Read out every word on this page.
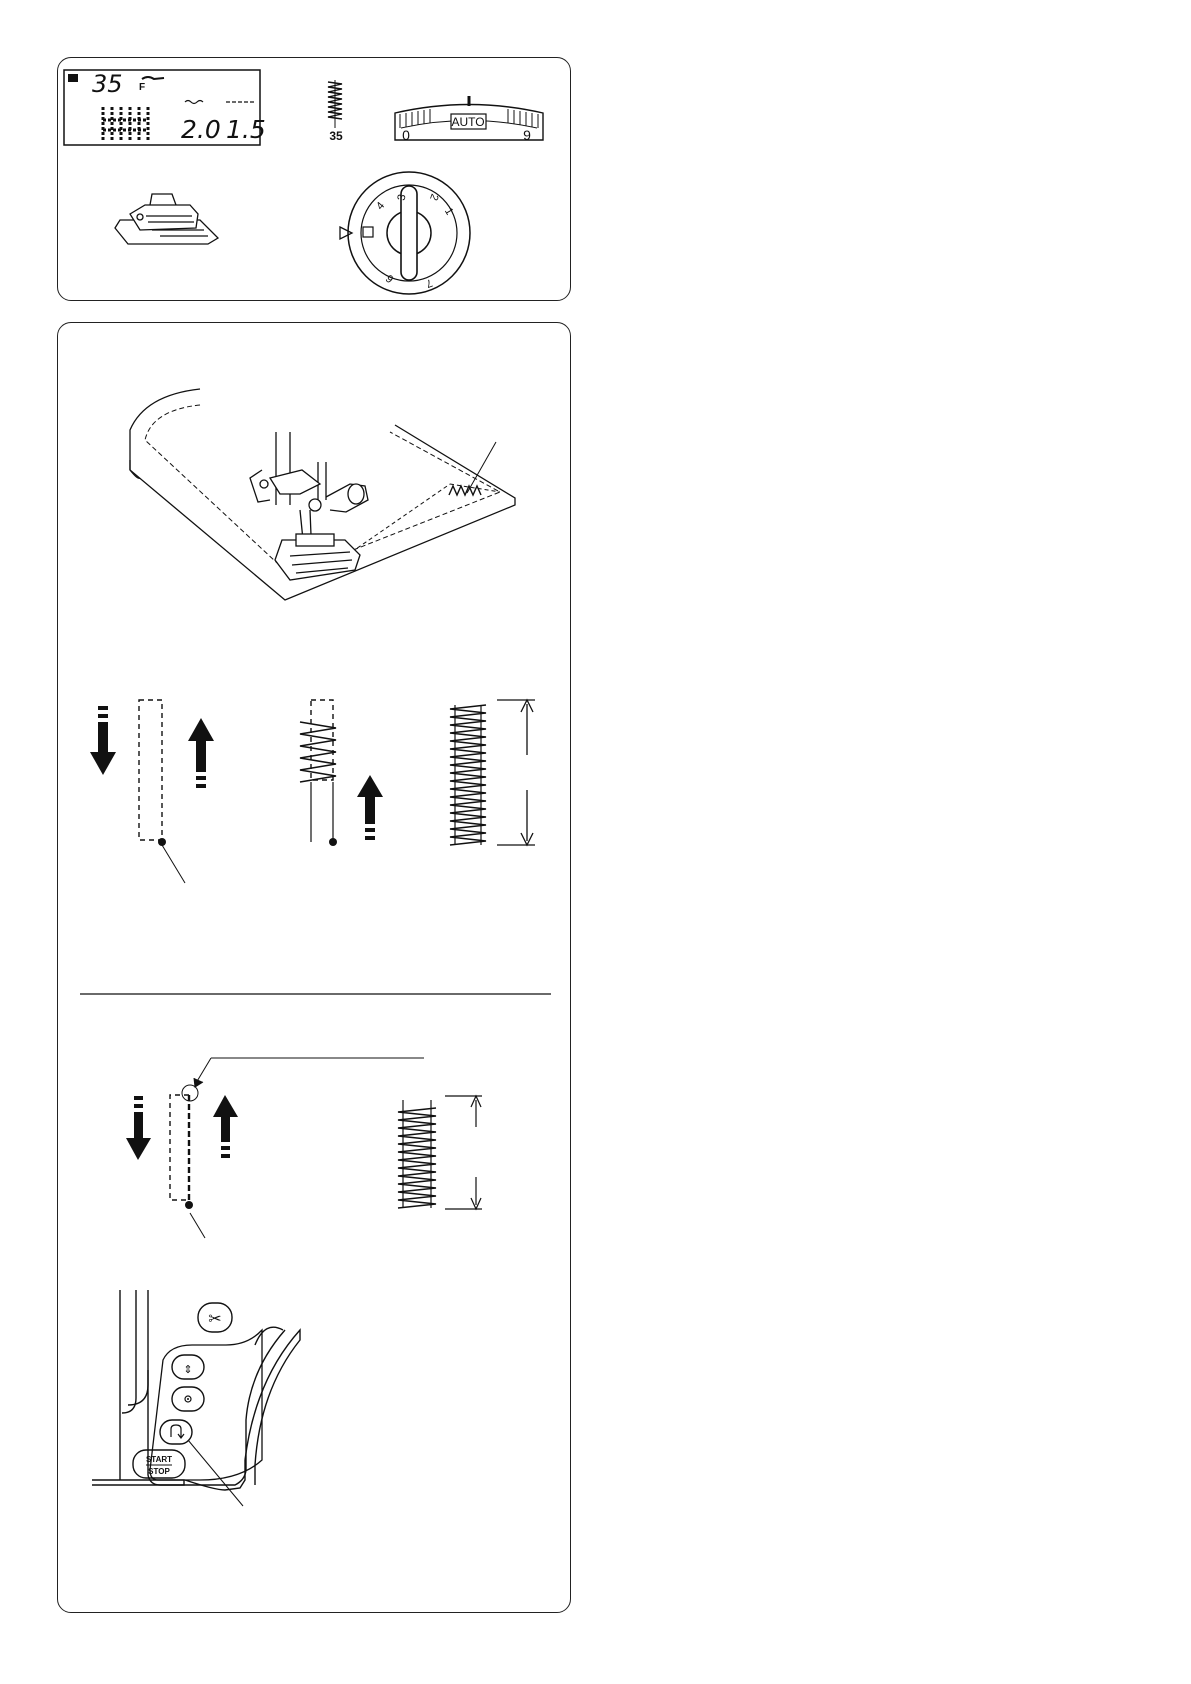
35 F
2.0 1.5	35
AUTO
0	9
3 2
4	1
6	7
✂
⇕
START
STOP
